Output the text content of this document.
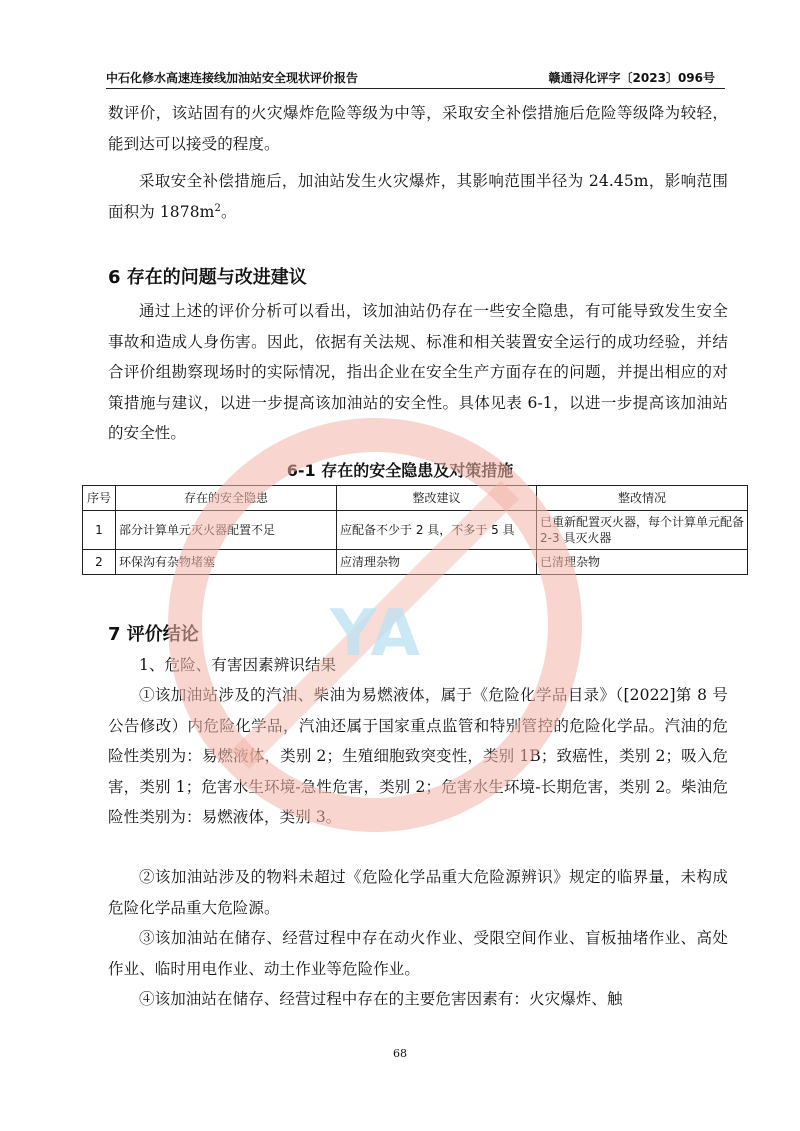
中石化修水高速连接线加油站安全现状评价报告	赣通浔化评字〔2023〕096号

数评价，该站固有的火灾爆炸危险等级为中等，采取安全补偿措施后危险等级降为较轻，能到达可以接受的程度。

采取安全补偿措施后，加油站发生火灾爆炸，其影响范围半径为 24.45m，影响范围面积为 $1878m^2$。

6 存在的问题与改进建议

通过上述的评价分析可以看出，该加油站仍存在一些安全隐患，有可能导致发生安全事故和造成人身伤害。因此，依据有关法规、标准和相关装置安全运行的成功经验，并结合评价组勘察现场时的实际情况，指出企业在安全生产方面存在的问题，并提出相应的对策措施与建议，以进一步提高该加油站的安全性。具体见表 6-1，以进一步提高该加油站的安全性。

6-1 存在的安全隐患及对策措施
序号	存在的安全隐患	整改建议	整改情况
1	部分计算单元灭火器配置不足	应配备不少于 2 具，不多于 5 具	已重新配置灭火器，每个计算单元配备 2-3 具灭火器
2	环保沟有杂物堵塞	应清理杂物	已清理杂物
7 评价结论

1、危险、有害因素辨识结果

①该加油站涉及的汽油、柴油为易燃液体，属于《危险化学品目录》（[2022]第 8 号公告修改）内危险化学品，汽油还属于国家重点监管和特别管控的危险化学品。汽油的危险性类别为：易燃液体，类别 2；生殖细胞致突变性，类别 1B；致癌性，类别 2；吸入危害，类别 1；危害水生环境-急性危害，类别 2；危害水生环境-长期危害，类别 2。柴油危险性类别为：易燃液体，类别 3。

②该加油站涉及的物料未超过《危险化学品重大危险源辨识》规定的临界量，未构成危险化学品重大危险源。

③该加油站在储存、经营过程中存在动火作业、受限空间作业、盲板抽堵作业、高处作业、临时用电作业、动土作业等危险作业。

④该加油站在储存、经营过程中存在的主要危害因素有：火灾爆炸、触

YA
68
